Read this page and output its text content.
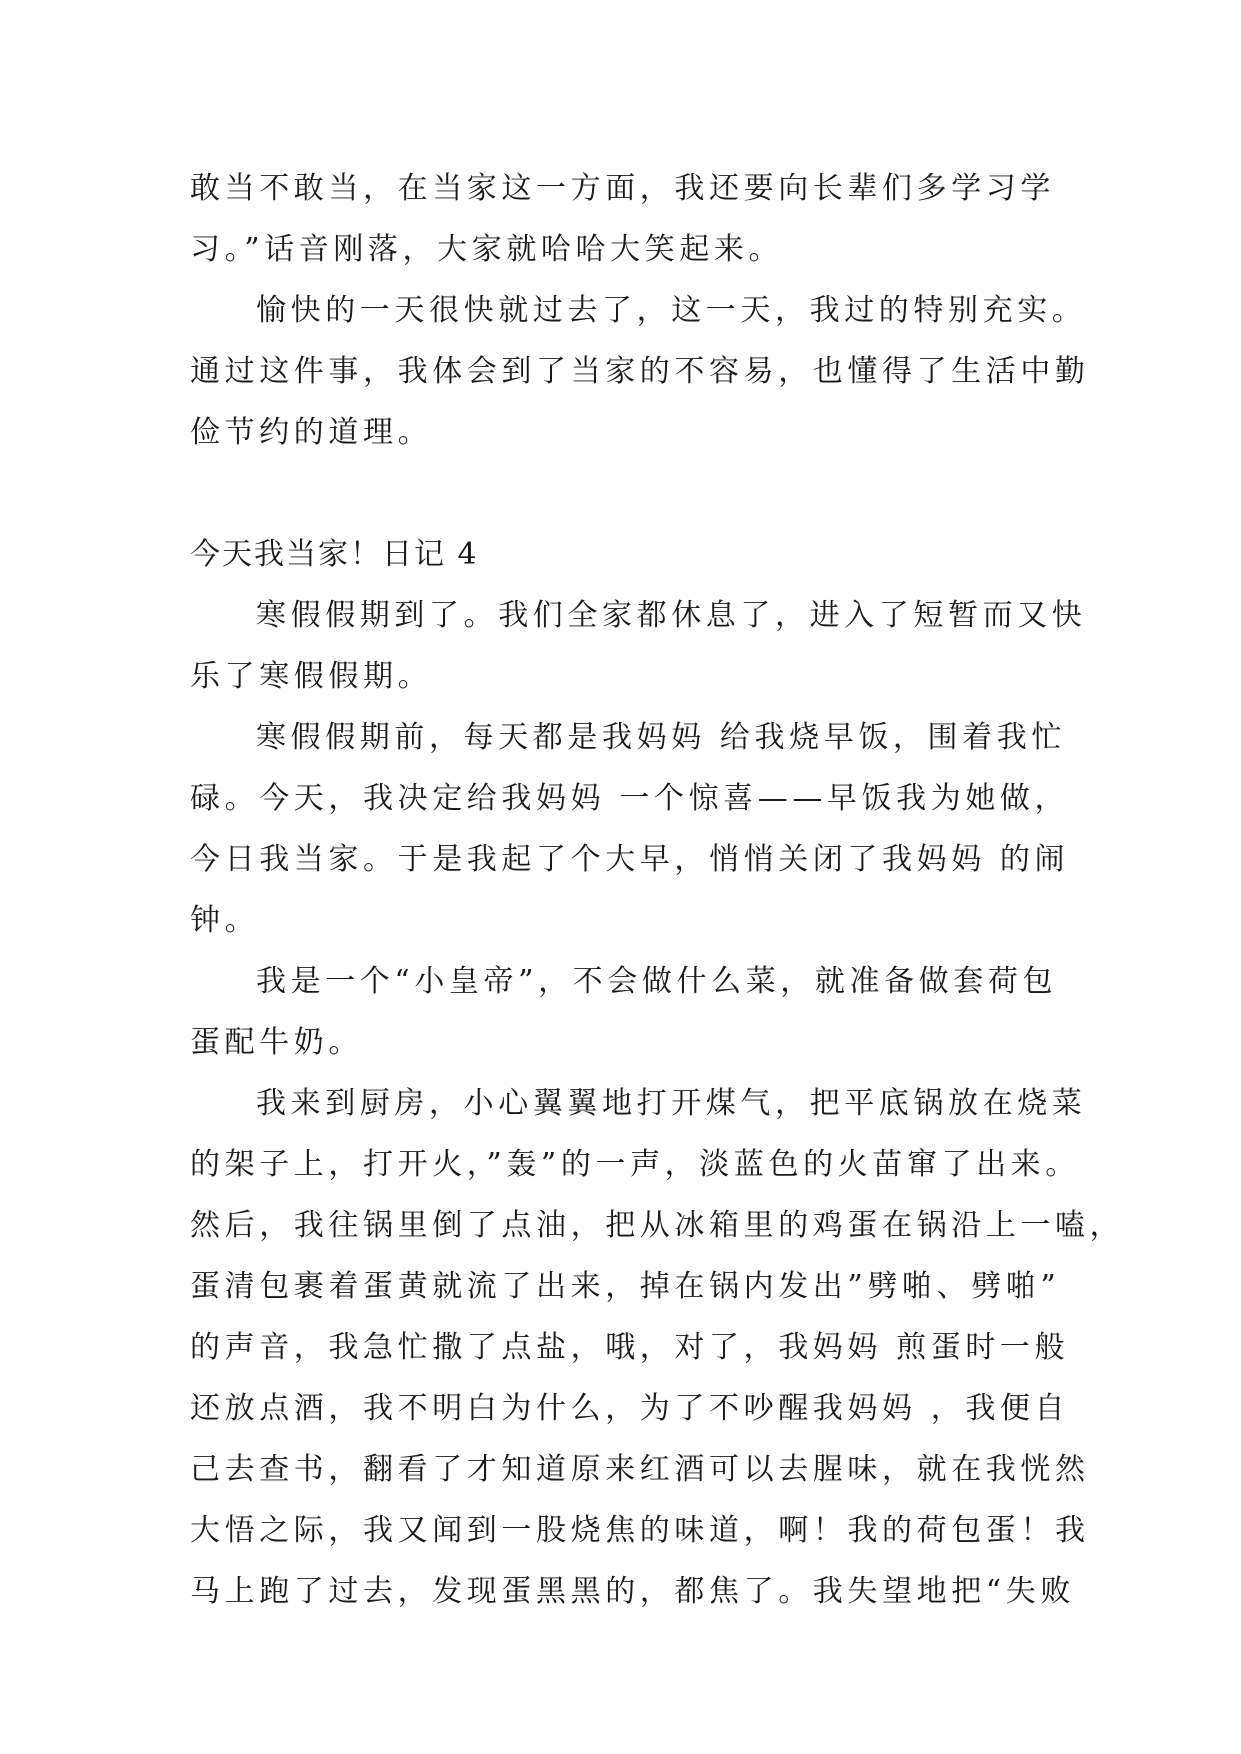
敢当不敢当，在当家这一方面，我还要向长辈们多学习学
习。”话音刚落，大家就哈哈大笑起来。
愉快的一天很快就过去了，这一天，我过的特别充实。
通过这件事，我体会到了当家的不容易，也懂得了生活中勤
俭节约的道理。
今天我当家！日记 4
寒假假期到了。我们全家都休息了，进入了短暂而又快
乐了寒假假期。
寒假假期前，每天都是我妈妈 给我烧早饭，围着我忙
碌。今天，我决定给我妈妈 一个惊喜——早饭我为她做，
今日我当家。于是我起了个大早，悄悄关闭了我妈妈 的闹
钟。
我是一个“小皇帝”，不会做什么菜，就准备做套荷包
蛋配牛奶。
我来到厨房，小心翼翼地打开煤气，把平底锅放在烧菜
的架子上，打开火，”轰”的一声，淡蓝色的火苗窜了出来。
然后，我往锅里倒了点油，把从冰箱里的鸡蛋在锅沿上一嗑，
蛋清包裹着蛋黄就流了出来，掉在锅内发出”劈啪、劈啪”
的声音，我急忙撒了点盐，哦，对了，我妈妈 煎蛋时一般
还放点酒，我不明白为什么，为了不吵醒我妈妈 ，我便自
己去查书，翻看了才知道原来红酒可以去腥味，就在我恍然
大悟之际，我又闻到一股烧焦的味道，啊！我的荷包蛋！我
马上跑了过去，发现蛋黑黑的，都焦了。我失望地把“失败
